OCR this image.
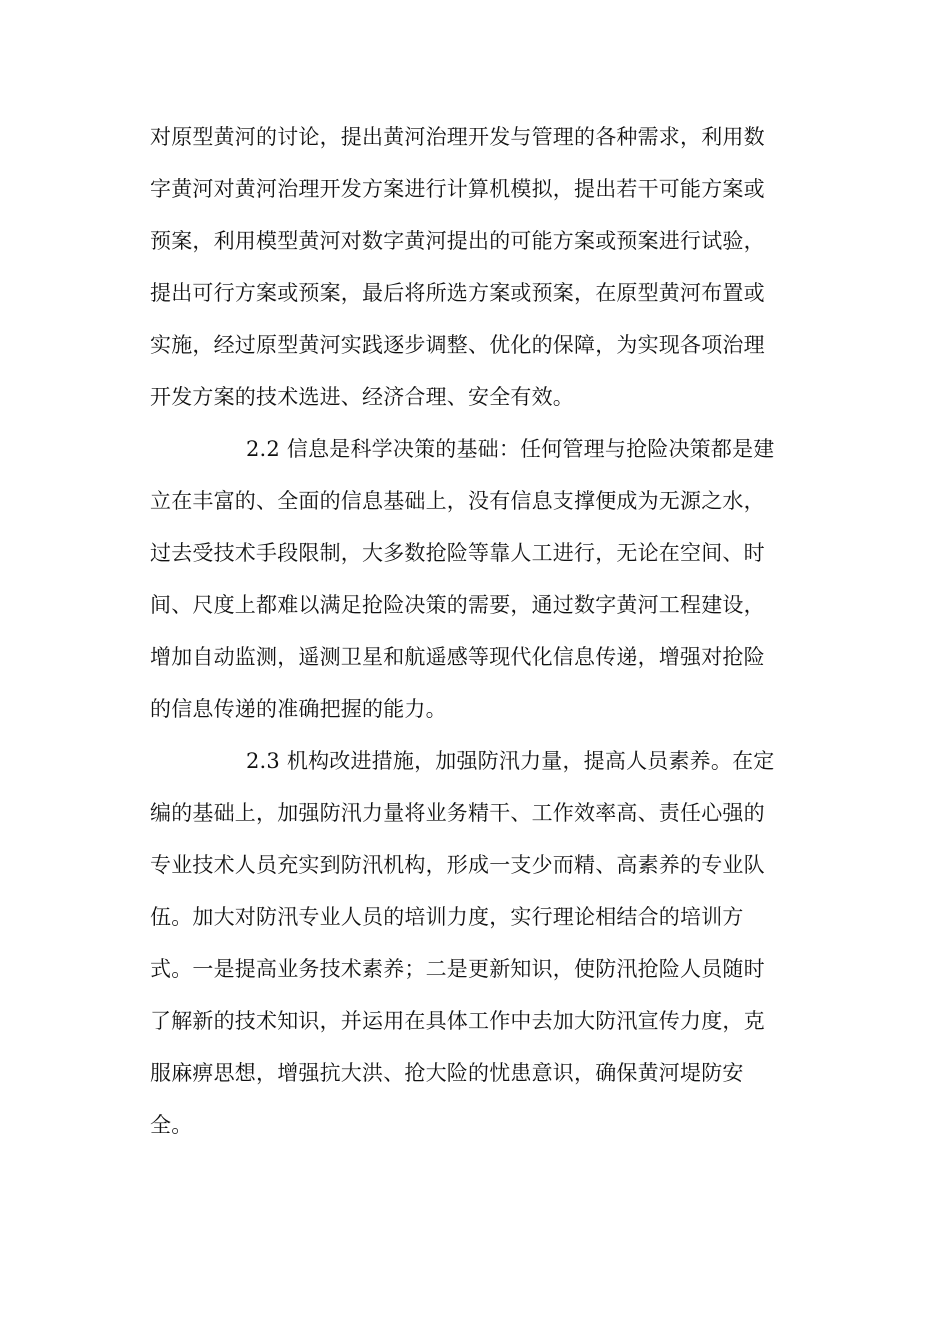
对原型黄河的讨论，提出黄河治理开发与管理的各种需求，利用数
字黄河对黄河治理开发方案进行计算机模拟，提出若干可能方案或
预案，利用模型黄河对数字黄河提出的可能方案或预案进行试验，
提出可行方案或预案，最后将所选方案或预案，在原型黄河布置或
实施，经过原型黄河实践逐步调整、优化的保障，为实现各项治理
开发方案的技术选进、经济合理、安全有效。
2.2 信息是科学决策的基础：任何管理与抢险决策都是建
立在丰富的、全面的信息基础上，没有信息支撑便成为无源之水，
过去受技术手段限制，大多数抢险等靠人工进行，无论在空间、时
间、尺度上都难以满足抢险决策的需要，通过数字黄河工程建设，
增加自动监测，遥测卫星和航遥感等现代化信息传递，增强对抢险
的信息传递的准确把握的能力。
2.3 机构改进措施，加强防汛力量，提高人员素养。在定
编的基础上，加强防汛力量将业务精干、工作效率高、责任心强的
专业技术人员充实到防汛机构，形成一支少而精、高素养的专业队
伍。加大对防汛专业人员的培训力度，实行理论相结合的培训方
式。一是提高业务技术素养；二是更新知识，使防汛抢险人员随时
了解新的技术知识，并运用在具体工作中去加大防汛宣传力度，克
服麻痹思想，增强抗大洪、抢大险的忧患意识，确保黄河堤防安
全。
